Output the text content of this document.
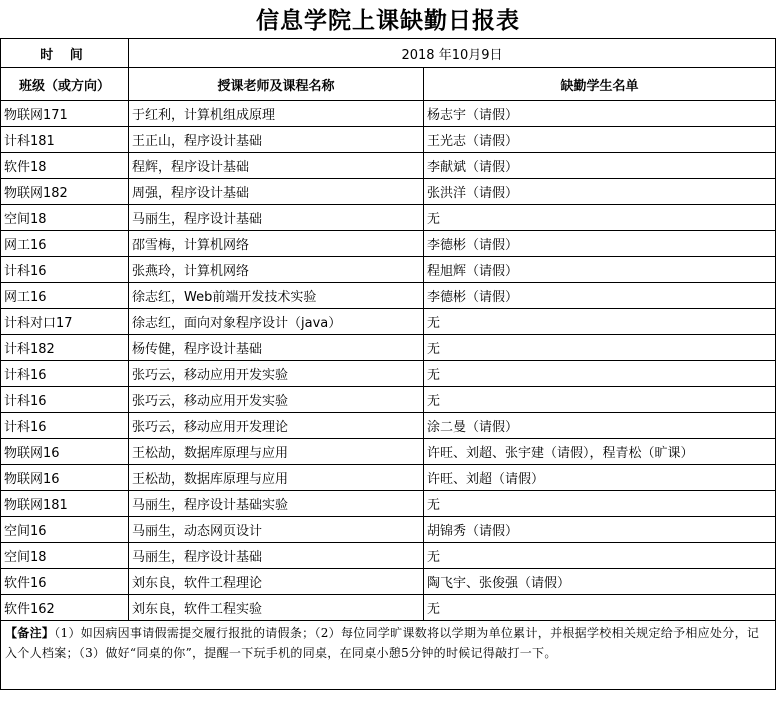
信息学院上课缺勤日报表
时 间	2018 年10月9日	
班级（或方向）	授课老师及课程名称	缺勤学生名单
物联网171	于红利，计算机组成原理	杨志宇（请假）
计科181	王正山，程序设计基础	王光志（请假）
软件18	程辉，程序设计基础	李献斌（请假）
物联网182	周强，程序设计基础	张洪洋（请假）
空间18	马丽生，程序设计基础	无
网工16	邵雪梅，计算机网络	李德彬（请假）
计科16	张燕玲，计算机网络	程旭辉（请假）
网工16	徐志红，Web前端开发技术实验	李德彬（请假）
计科对口17	徐志红，面向对象程序设计（java）	无
计科182	杨传健，程序设计基础	无
计科16	张巧云，移动应用开发实验	无
计科16	张巧云，移动应用开发实验	无
计科16	张巧云，移动应用开发理论	涂二曼（请假）
物联网16	王松劼，数据库原理与应用	许旺、刘超、张宇建（请假），程青松（旷课）
物联网16	王松劼，数据库原理与应用	许旺、刘超（请假）
物联网181	马丽生，程序设计基础实验	无
空间16	马丽生，动态网页设计	胡锦秀（请假）
空间18	马丽生，程序设计基础	无
软件16	刘东良，软件工程理论	陶飞宇、张俊强（请假）
软件162	刘东良，软件工程实验	无
【备注】（1）如因病因事请假需提交履行报批的请假条；（2）每位同学旷课数将以学期为单位累计，并根据学校相关规定给予相应处分，记入个人档案；（3）做好“同桌的你”，提醒一下玩手机的同桌，在同桌小憩5分钟的时候记得敲打一下。		
